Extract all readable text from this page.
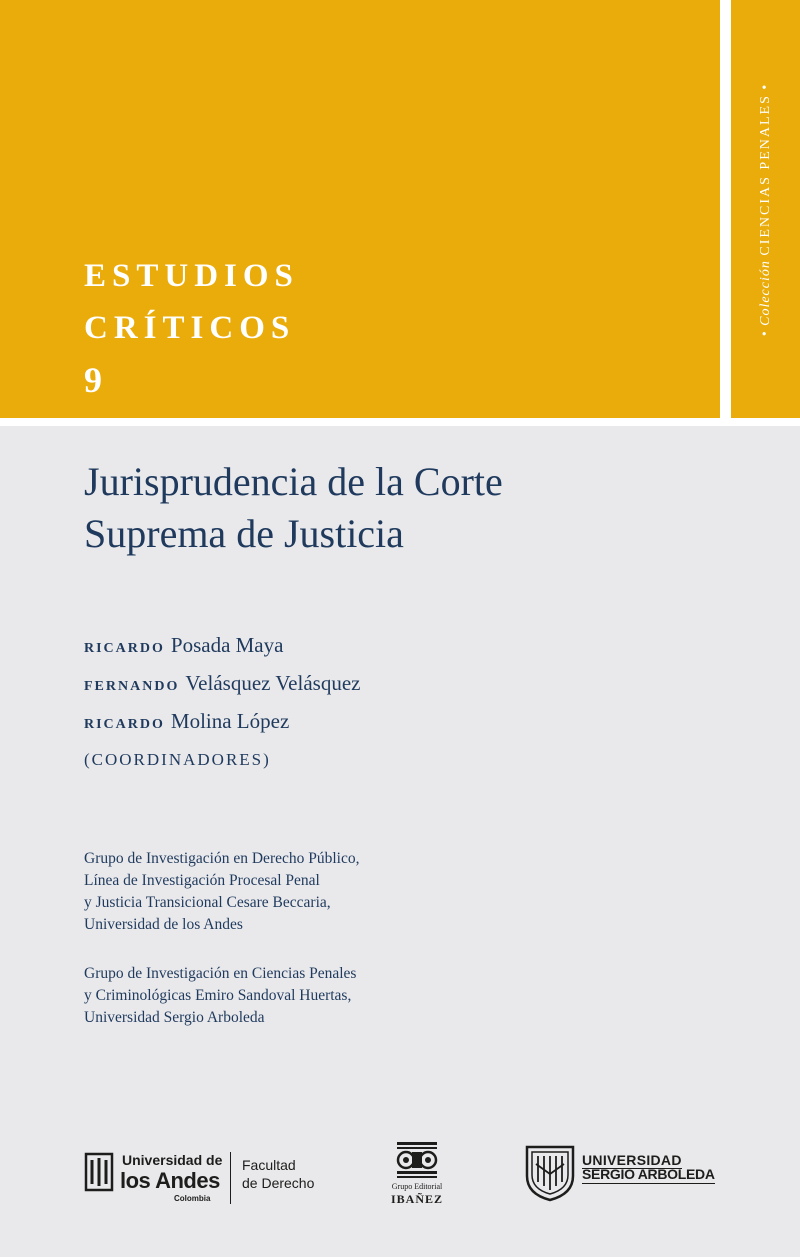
ESTUDIOS
CRÍTICOS
9
• Colección CIENCIAS PENALES •
Jurisprudencia de la Corte
Suprema de Justicia
RICARDO Posada Maya
FERNANDO Velásquez Velásquez
RICARDO Molina López
(COORDINADORES)
Grupo de Investigación en Derecho Público,
Línea de Investigación Procesal Penal
y Justicia Transicional Cesare Beccaria,
Universidad de los Andes
Grupo de Investigación en Ciencias Penales
y Criminológicas Emiro Sandoval Huertas,
Universidad Sergio Arboleda
Universidad de
los Andes
Colombia
Facultad
de Derecho	Grupo Editorial
IBAÑEZ
UNIVERSIDAD
SERGIO ARBOLEDA
